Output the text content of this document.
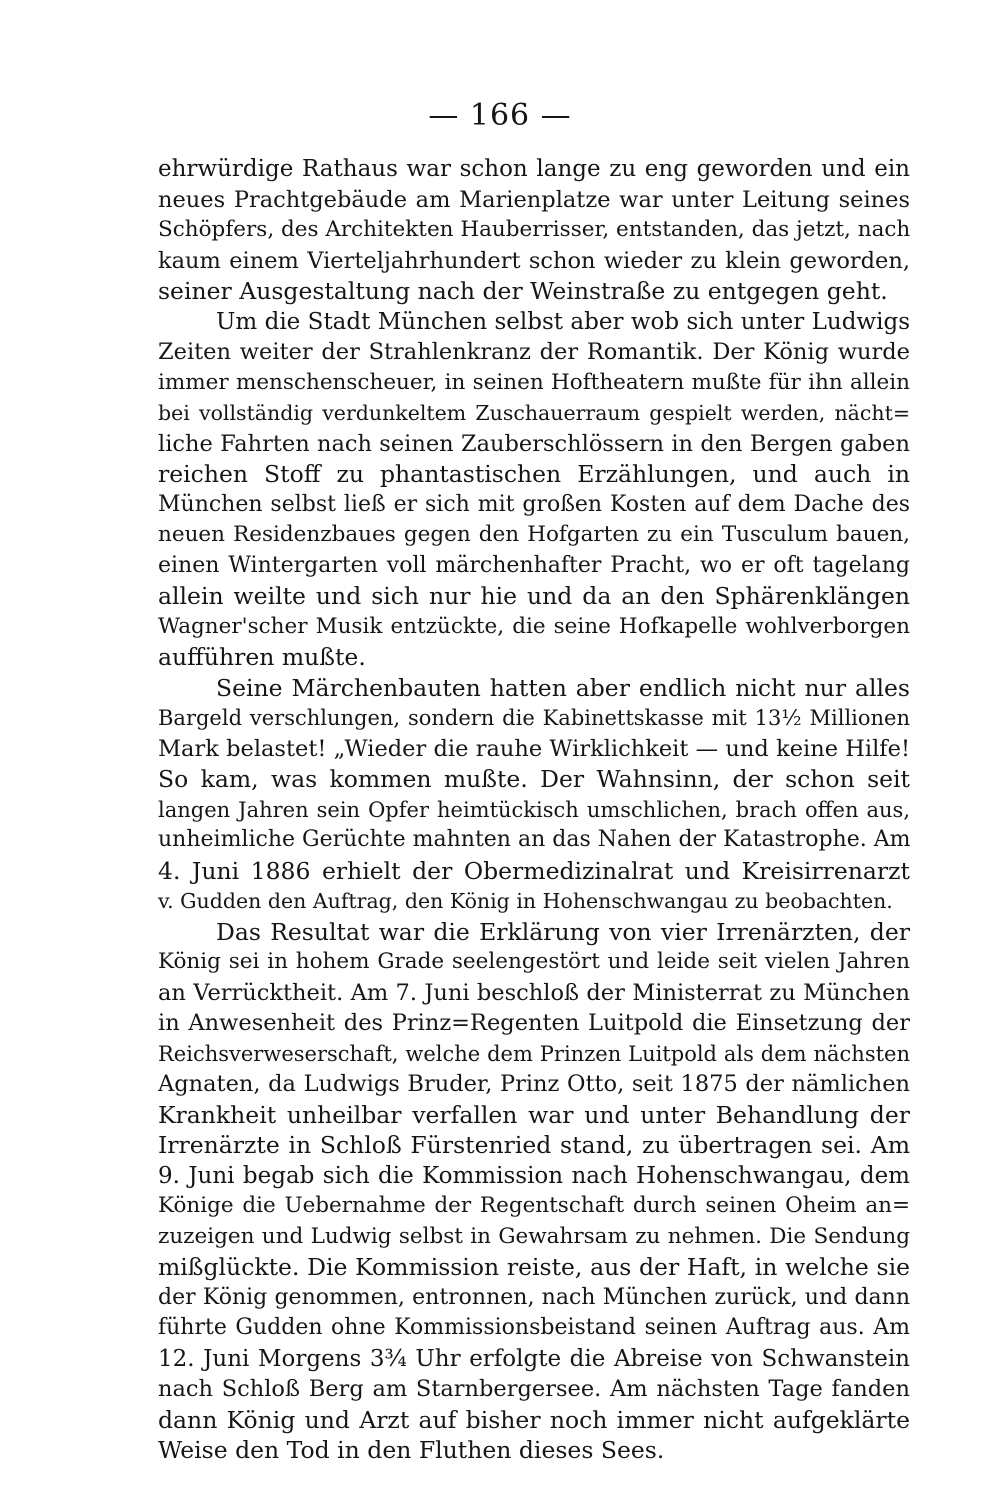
— 166 —
ehrwürdige Rathaus war schon lange zu eng geworden und ein
neues Prachtgebäude am Marienplatze war unter Leitung seines
Schöpfers, des Architekten Hauberrisser, entstanden, das jetzt, nach
kaum einem Vierteljahrhundert schon wieder zu klein geworden,
seiner Ausgestaltung nach der Weinstraße zu entgegen geht.
Um die Stadt München selbst aber wob sich unter Ludwigs
Zeiten weiter der Strahlenkranz der Romantik. Der König wurde
immer menschenscheuer, in seinen Hoftheatern mußte für ihn allein
bei vollständig verdunkeltem Zuschauerraum gespielt werden, nächt=
liche Fahrten nach seinen Zauberschlössern in den Bergen gaben
reichen Stoff zu phantastischen Erzählungen, und auch in
München selbst ließ er sich mit großen Kosten auf dem Dache des
neuen Residenzbaues gegen den Hofgarten zu ein Tusculum bauen,
einen Wintergarten voll märchenhafter Pracht, wo er oft tagelang
allein weilte und sich nur hie und da an den Sphärenklängen
Wagner'scher Musik entzückte, die seine Hofkapelle wohlverborgen
aufführen mußte.
Seine Märchenbauten hatten aber endlich nicht nur alles
Bargeld verschlungen, sondern die Kabinettskasse mit 13½ Millionen
Mark belastet! „Wieder die rauhe Wirklichkeit — und keine Hilfe!
So kam, was kommen mußte. Der Wahnsinn, der schon seit
langen Jahren sein Opfer heimtückisch umschlichen, brach offen aus,
unheimliche Gerüchte mahnten an das Nahen der Katastrophe. Am
4. Juni 1886 erhielt der Obermedizinalrat und Kreisirrenarzt
v. Gudden den Auftrag, den König in Hohenschwangau zu beobachten.
Das Resultat war die Erklärung von vier Irrenärzten, der
König sei in hohem Grade seelengestört und leide seit vielen Jahren
an Verrücktheit. Am 7. Juni beschloß der Ministerrat zu München
in Anwesenheit des Prinz=Regenten Luitpold die Einsetzung der
Reichsverweserschaft, welche dem Prinzen Luitpold als dem nächsten
Agnaten, da Ludwigs Bruder, Prinz Otto, seit 1875 der nämlichen
Krankheit unheilbar verfallen war und unter Behandlung der
Irrenärzte in Schloß Fürstenried stand, zu übertragen sei. Am
9. Juni begab sich die Kommission nach Hohenschwangau, dem
Könige die Uebernahme der Regentschaft durch seinen Oheim an=
zuzeigen und Ludwig selbst in Gewahrsam zu nehmen. Die Sendung
mißglückte. Die Kommission reiste, aus der Haft, in welche sie
der König genommen, entronnen, nach München zurück, und dann
führte Gudden ohne Kommissionsbeistand seinen Auftrag aus. Am
12. Juni Morgens 3¾ Uhr erfolgte die Abreise von Schwanstein
nach Schloß Berg am Starnbergersee. Am nächsten Tage fanden
dann König und Arzt auf bisher noch immer nicht aufgeklärte
Weise den Tod in den Fluthen dieses Sees.
